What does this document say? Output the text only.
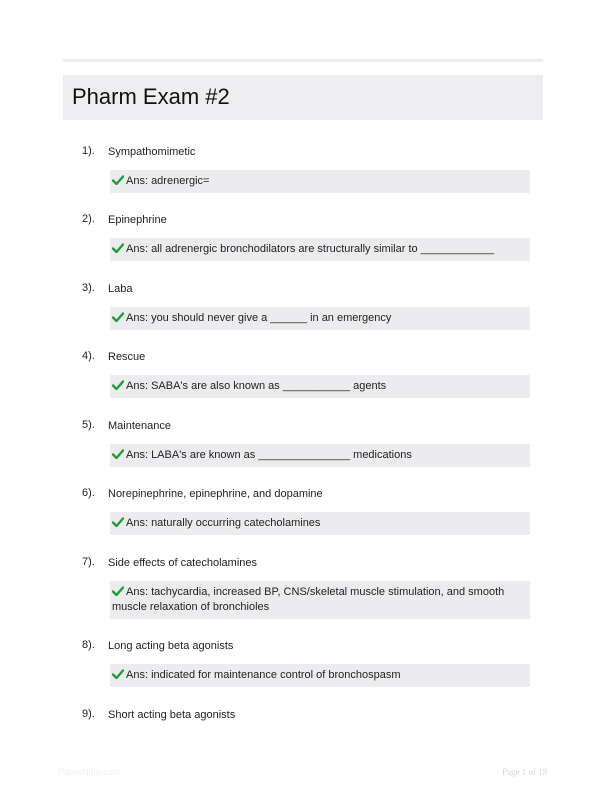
Pharm Exam #2
1). Sympathomimetic
Ans: adrenergic=
2). Epinephrine
Ans: all adrenergic bronchodilators are structurally similar to ____________
3). Laba
Ans: you should never give a ______ in an emergency
4). Rescue
Ans: SABA's are also known as ___________ agents
5). Maintenance
Ans: LABA's are known as _______________ medications
6). Norepinephrine, epinephrine, and dopamine
Ans: naturally occurring catecholamines
7). Side effects of catecholamines
Ans: tachycardia, increased BP, CNS/skeletal muscle stimulation, and smooth muscle relaxation of bronchioles
8). Long acting beta agonists
Ans: indicated for maintenance control of bronchospasm
9). Short acting beta agonists
PaperNibo.com	Page 1 of 18
